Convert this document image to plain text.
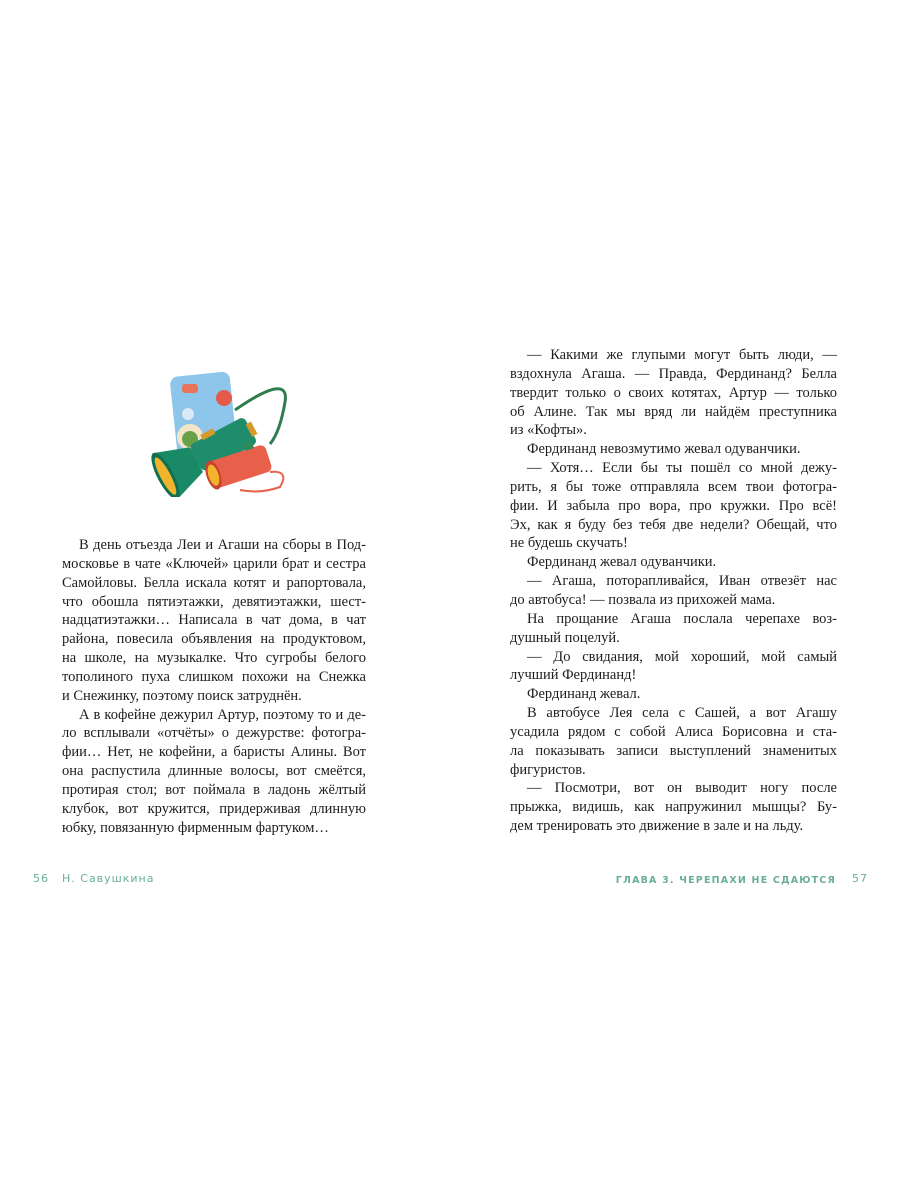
В день отъезда Леи и Агаши на сборы в Под-
московье в чате «Ключей» царили брат и сестра
Самойловы. Белла искала котят и рапортовала,
что обошла пятиэтажки, девятиэтажки, шест-
надцатиэтажки… Написала в чат дома, в чат
района, повесила объявления на продуктовом,
на школе, на музыкалке. Что сугробы белого
тополиного пуха слишком похожи на Снежка
и Снежинку, поэтому поиск затруднён.
А в кофейне дежурил Артур, поэтому то и де-
ло всплывали «отчёты» о дежурстве: фотогра-
фии… Нет, не кофейни, а баристы Алины. Вот
она распустила длинные волосы, вот смеётся,
протирая стол; вот поймала в ладонь жёлтый
клубок, вот кружится, придерживая длинную
юбку, повязанную фирменным фартуком…
— Какими же глупыми могут быть люди, —
вздохнула Агаша. — Правда, Фердинанд? Белла
твердит только о своих котятах, Артур — только
об Алине. Так мы вряд ли найдём преступника
из «Кофты».
Фердинанд невозмутимо жевал одуванчики.
— Хотя… Если бы ты пошёл со мной дежу-
рить, я бы тоже отправляла всем твои фотогра-
фии. И забыла про вора, про кружки. Про всё!
Эх, как я буду без тебя две недели? Обещай, что
не будешь скучать!
Фердинанд жевал одуванчики.
— Агаша, поторапливайся, Иван отвезёт нас
до автобуса! — позвала из прихожей мама.
На прощание Агаша послала черепахе воз-
душный поцелуй.
— До свидания, мой хороший, мой самый
лучший Фердинанд!
Фердинанд жевал.
В автобусе Лея села с Сашей, а вот Агашу
усадила рядом с собой Алиса Борисовна и ста-
ла показывать записи выступлений знаменитых
фигуристов.
— Посмотри, вот он выводит ногу после
прыжка, видишь, как напружинил мышцы? Бу-
дем тренировать это движение в зале и на льду.
56 Н. Савушкина	ГЛАВА 3. ЧЕРЕПАХИ НЕ СДАЮТСЯ 57
